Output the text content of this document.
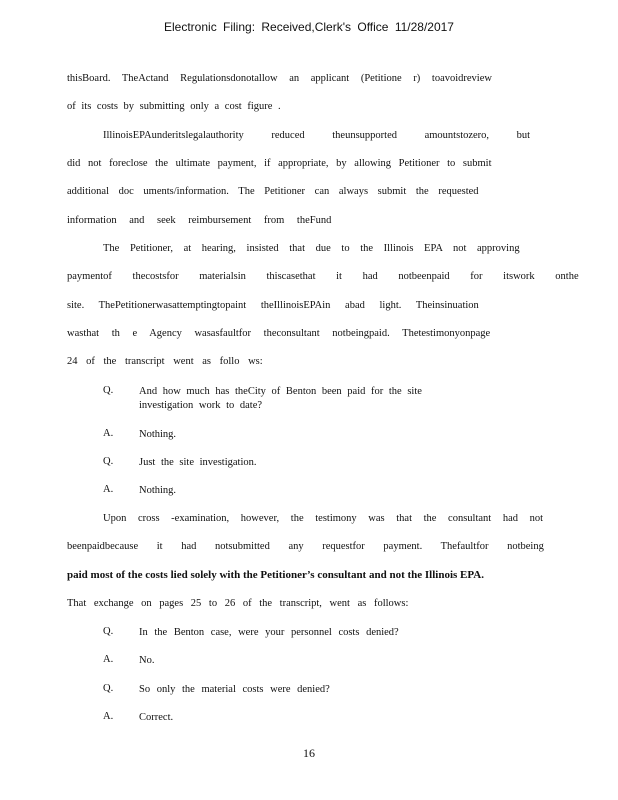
Electronic Filing: Received,Clerk's Office 11/28/2017
thisBoard. TheActand Regulationsdonotallow an applicant (Petitione r) toavoidreview
of its costs by submitting only a cost figure .
IllinoisEPAunderitslegalauthority reduced theunsupported amountstozero, but
did not foreclose the ultimate payment, if appropriate, by allowing Petitioner to submit
additional doc uments/information. The Petitioner can always submit the requested
information and seek reimbursement from theFund
The Petitioner, at hearing, insisted that due to the Illinois EPA not approving
paymentof thecostsfor materialsin thiscasethat it had notbeenpaid for itswork onthe
site. ThePetitionerwasattemptingtopaint theIllinoisEPAin abad light. Theinsinuation
wasthat th e Agency wasasfaultfor theconsultant notbeingpaid. Thetestimonyonpage
24 of the transcript went as follo ws:
Q. And how much has theCity of Benton been paid for the site investigation work to date?
A. Nothing.
Q. Just the site investigation.
A. Nothing.
Upon cross -examination, however, the testimony was that the consultant had not
beenpaidbecause it had notsubmitted any requestfor payment. Thefaultfor notbeing
paid most of the costs lied solely with the Petitioner’s consultant and not the Illinois EPA.
That exchange on pages 25 to 26 of the transcript, went as follows:
Q. In the Benton case, were your personnel costs denied?
A. No.
Q. So only the material costs were denied?
A. Correct.
16
